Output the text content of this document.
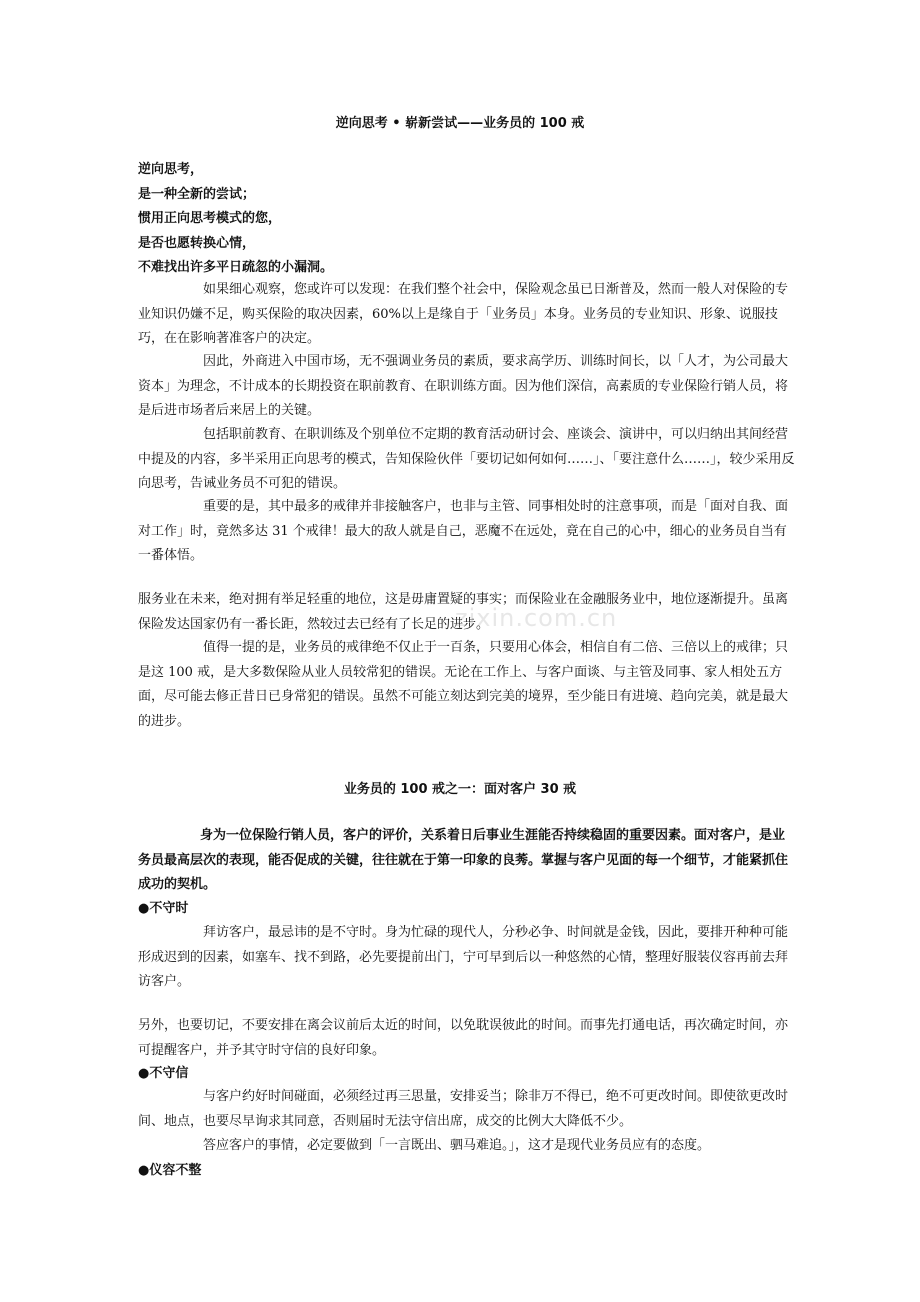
逆向思考 • 崭新尝试——业务员的 100 戒
逆向思考，
是一种全新的尝试；
惯用正向思考模式的您，
是否也愿转换心情，
不难找出许多平日疏忽的小漏洞。
如果细心观察，您或许可以发现：在我们整个社会中，保险观念虽已日渐普及，然而一般人对保险的专业知识仍嫌不足，购买保险的取决因素，60%以上是缘自于「业务员」本身。业务员的专业知识、形象、说服技巧，在在影响著准客户的决定。
因此，外商进入中国市场，无不强调业务员的素质，要求高学历、训练时间长，以「人才，为公司最大资本」为理念，不计成本的长期投资在职前教育、在职训练方面。因为他们深信，高素质的专业保险行销人员，将是后进市场者后来居上的关键。
包括职前教育、在职训练及个别单位不定期的教育活动研讨会、座谈会、演讲中，可以归纳出其间经营中提及的内容，多半采用正向思考的模式，告知保险伙伴「要切记如何如何……」、「要注意什么……」，较少采用反向思考，告诫业务员不可犯的错误。
重要的是，其中最多的戒律并非接触客户，也非与主管、同事相处时的注意事项，而是「面对自我、面对工作」时，竟然多达 31 个戒律！最大的敌人就是自己，恶魔不在远处，竟在自己的心中，细心的业务员自当有一番体悟。
服务业在未来，绝对拥有举足轻重的地位，这是毋庸置疑的事实；而保险业在金融服务业中，地位逐渐提升。虽离保险发达国家仍有一番长距，然较过去已经有了长足的进步。
zixin.com.cn
值得一提的是，业务员的戒律绝不仅止于一百条，只要用心体会，相信自有二倍、三倍以上的戒律；只是这 100 戒，是大多数保险从业人员较常犯的错误。无论在工作上、与客户面谈、与主管及同事、家人相处五方面，尽可能去修正昔日已身常犯的错误。虽然不可能立刻达到完美的境界，至少能日有进境、趋向完美，就是最大的进步。
业务员的 100 戒之一：面对客户 30 戒
身为一位保险行销人员，客户的评价，关系着日后事业生涯能否持续稳固的重要因素。面对客户，是业务员最高层次的表现，能否促成的关键，往往就在于第一印象的良莠。掌握与客户见面的每一个细节，才能紧抓住成功的契机。
●不守时
拜访客户，最忌讳的是不守时。身为忙碌的现代人，分秒必争、时间就是金钱，因此，要排开种种可能形成迟到的因素，如塞车、找不到路，必先要提前出门，宁可早到后以一种悠然的心情，整理好服装仪容再前去拜访客户。
另外，也要切记，不要安排在离会议前后太近的时间，以免耽误彼此的时间。而事先打通电话，再次确定时间，亦可提醒客户，并予其守时守信的良好印象。
●不守信
与客户约好时间碰面，必须经过再三思量，安排妥当；除非万不得已，绝不可更改时间。即使欲更改时间、地点，也要尽早询求其同意，否则届时无法守信出席，成交的比例大大降低不少。
答应客户的事情，必定要做到「一言既出、驷马难追。」，这才是现代业务员应有的态度。
●仪容不整
